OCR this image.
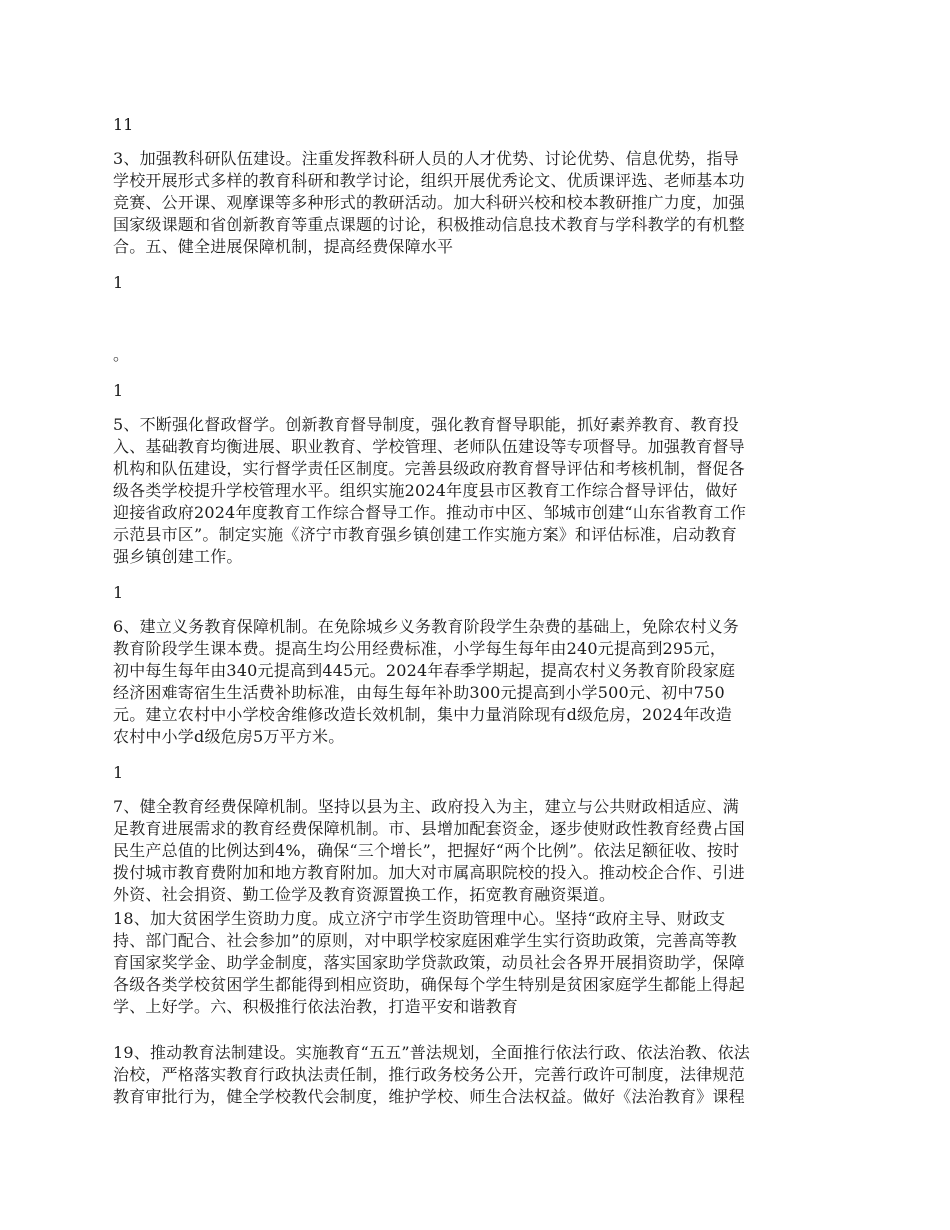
11

3、加强教科研队伍建设。注重发挥教科研人员的人才优势、讨论优势、信息优势，指导
学校开展形式多样的教育科研和教学讨论，组织开展优秀论文、优质课评选、老师基本功
竞赛、公开课、观摩课等多种形式的教研活动。加大科研兴校和校本教研推广力度，加强
国家级课题和省创新教育等重点课题的讨论，积极推动信息技术教育与学科教学的有机整
合。五、健全进展保障机制，提高经费保障水平

1

。

1

5、不断强化督政督学。创新教育督导制度，强化教育督导职能，抓好素养教育、教育投
入、基础教育均衡进展、职业教育、学校管理、老师队伍建设等专项督导。加强教育督导
机构和队伍建设，实行督学责任区制度。完善县级政府教育督导评估和考核机制，督促各
级各类学校提升学校管理水平。组织实施2024年度县市区教育工作综合督导评估，做好
迎接省政府2024年度教育工作综合督导工作。推动市中区、邹城市创建“山东省教育工作
示范县市区”。制定实施《济宁市教育强乡镇创建工作实施方案》和评估标准，启动教育
强乡镇创建工作。

1

6、建立义务教育保障机制。在免除城乡义务教育阶段学生杂费的基础上，免除农村义务
教育阶段学生课本费。提高生均公用经费标准，小学每生每年由240元提高到295元，
初中每生每年由340元提高到445元。2024年春季学期起，提高农村义务教育阶段家庭
经济困难寄宿生生活费补助标准，由每生每年补助300元提高到小学500元、初中750
元。建立农村中小学校舍维修改造长效机制，集中力量消除现有d级危房，2024年改造
农村中小学d级危房5万平方米。

1

7、健全教育经费保障机制。坚持以县为主、政府投入为主，建立与公共财政相适应、满
足教育进展需求的教育经费保障机制。市、县增加配套资金，逐步使财政性教育经费占国
民生产总值的比例达到4%，确保“三个增长”，把握好“两个比例”。依法足额征收、按时
拨付城市教育费附加和地方教育附加。加大对市属高职院校的投入。推动校企合作、引进
外资、社会捐资、勤工俭学及教育资源置换工作，拓宽教育融资渠道。

18、加大贫困学生资助力度。成立济宁市学生资助管理中心。坚持“政府主导、财政支
持、部门配合、社会参加”的原则，对中职学校家庭困难学生实行资助政策，完善高等教
育国家奖学金、助学金制度，落实国家助学贷款政策，动员社会各界开展捐资助学，保障
各级各类学校贫困学生都能得到相应资助，确保每个学生特别是贫困家庭学生都能上得起
学、上好学。六、积极推行依法治教，打造平安和谐教育

19、推动教育法制建设。实施教育“五五”普法规划，全面推行依法行政、依法治教、依法
治校，严格落实教育行政执法责任制，推行政务校务公开，完善行政许可制度，法律规范
教育审批行为，健全学校教代会制度，维护学校、师生合法权益。做好《法治教育》课程
